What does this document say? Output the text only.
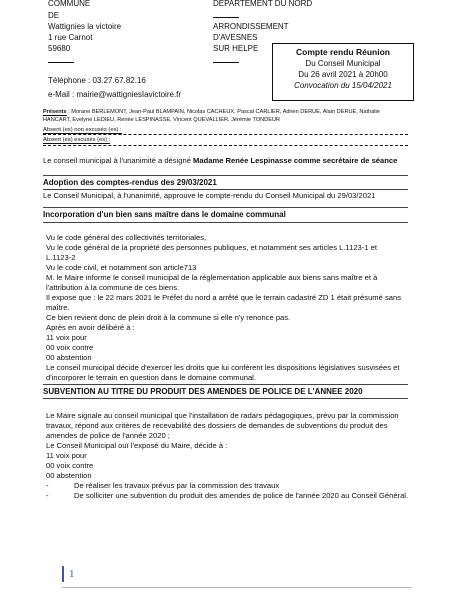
COMMUNE
DE
Wattignies la victoire
1 rue Carnot
59680
Téléphone : 03.27.67.82.16
e-Mail : mairie@wattigniesIavictoire.fr
DEPARTEMENT DU NORD
ARRONDISSEMENT
D'AVESNES
SUR HELPE	Compte rendu Réunion
Du Conseil Municipal
Du 26 avril 2021 à 20h00
Convocation du 15/04/2021
Présents : Morane BERLEMONT, Jean-Paul BLAMPAIN, Nicolas CACHEUX, Pascal CARLIER, Adrien DERUE, Alain DERUE, Nathalie
HANCART, Evelyne LEDIEU, Renée LESPINASSE, Vincent QUEVALLIER, Jérémie TONDEUR
Absent (es) non excusés (es) :
Absent (es) excusés (es) :
Le conseil municipal à l'unanimité a désigné Madame Renée Lespinasse comme secrétaire de séance
Adoption des comptes-rendus des 29/03/2021
Le Conseil Municipal, à l'unanimité, approuve le compte-rendu du Conseil Municipal du 29/03/2021
Incorporation d'un bien sans maître dans le domaine communal
Vu le code général des collectivités territoriales,
Vu le code général de la propriété des personnes publiques, et notamment ses articles L.1123-1 et
L.1123-2
Vu le code civil, et notamment son article713
M. le Maire informe le conseil municipal de la réglementation applicable aux biens sans maître et à
l'attribution à la commune de ces biens.
Il expose que : le 22 mars 2021 le Préfet du nord a arrêté que le terrain cadastré ZD 1 était présumé sans
maître.
Ce bien revient donc de plein droit à la commune si elle n'y renonce pas.
Après en avoir délibéré à :
11 voix pour
00 voix contre
00 abstention
Le conseil municipal décide d'exercer les droits que lui confèrent les dispositions législatives susvisées et
d'incorporer le terrain en question dans le domaine communal.
SUBVENTION AU TITRE DU PRODUIT DES AMENDES DE POLICE DE L'ANNEE 2020
Le Maire signale au conseil municipal que l'installation de radars pédagogiques, prévu par la commission
travaux, répond aux critères de recevabilité des dossiers de demandes de subventions du produit des
amendes de police de l'année 2020 ;
Le Conseil Municipal ouï l'exposé du Maire, décide à :
11 voix pour
00 voix contre
00 abstention
-	De réaliser les travaux prévus par la commission des travaux
-	De solliciter une subvention du produit des amendes de police de l'année 2020 au Conseil Général.
1
